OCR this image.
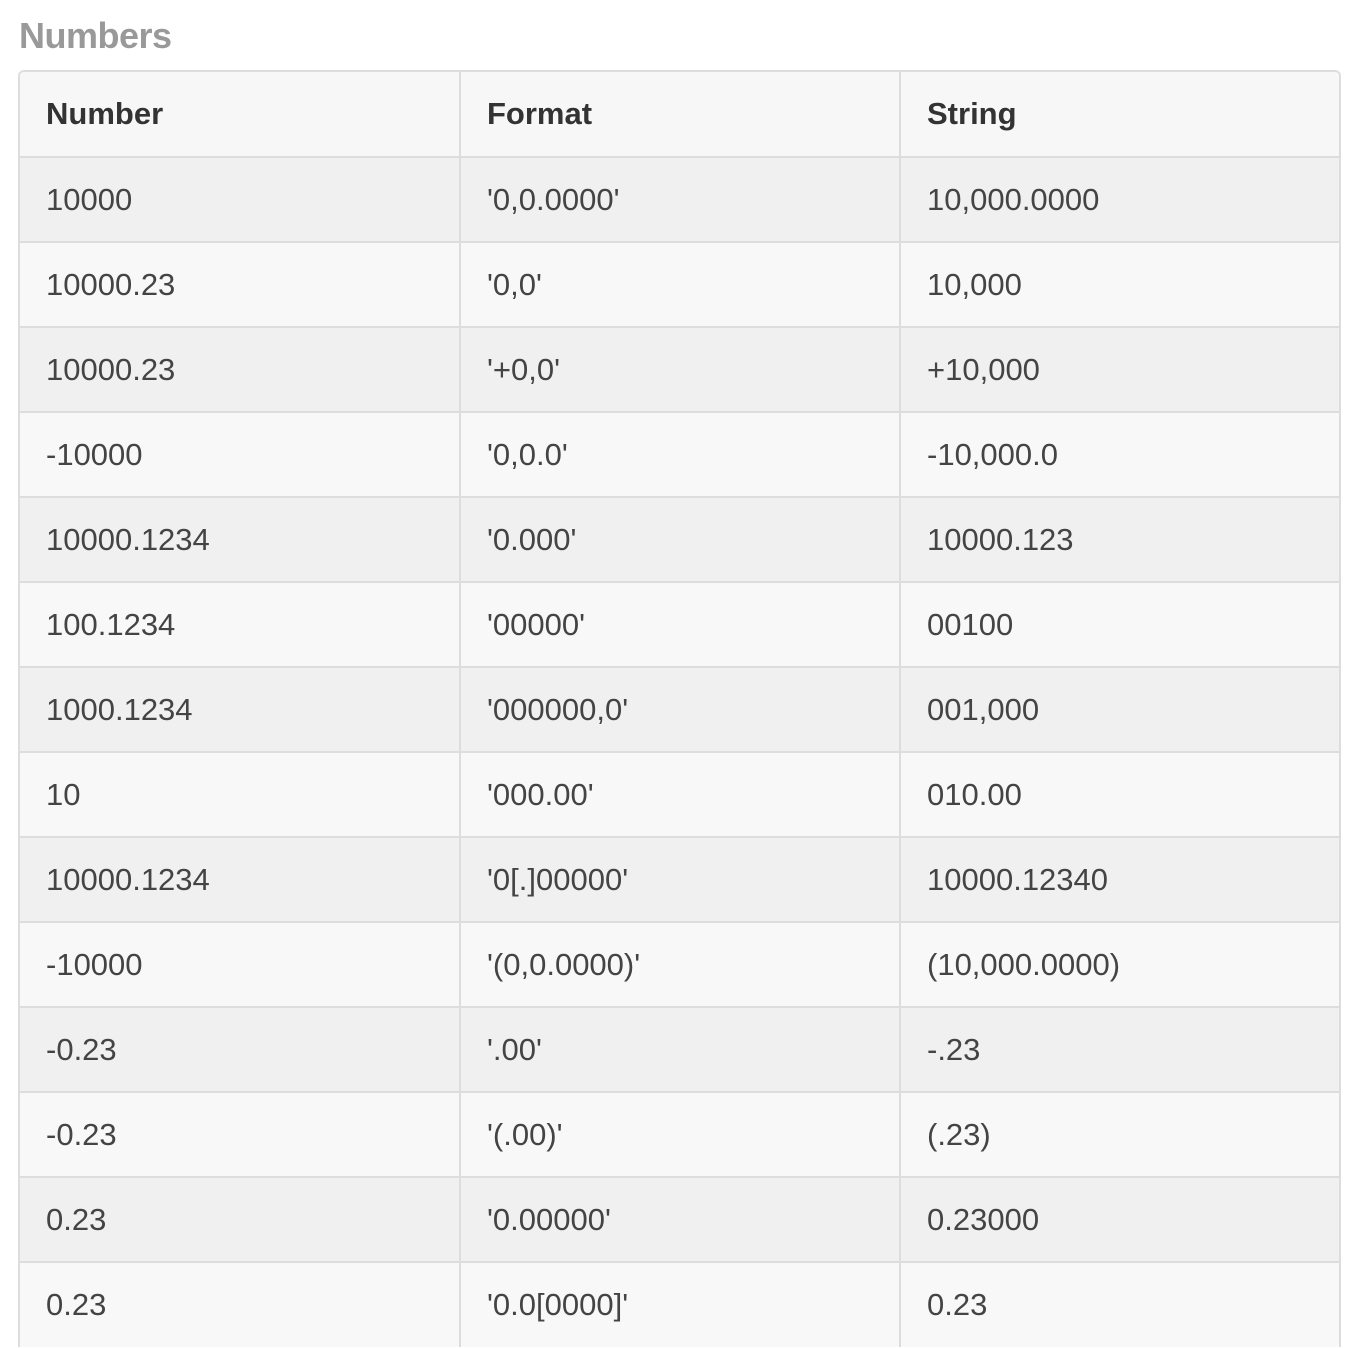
Numbers
Number	Format	String
10000	'0,0.0000'	10,000.0000
10000.23	'0,0'	10,000
10000.23	'+0,0'	+10,000
-10000	'0,0.0'	-10,000.0
10000.1234	'0.000'	10000.123
100.1234	'00000'	00100
1000.1234	'000000,0'	001,000
10	'000.00'	010.00
10000.1234	'0[.]00000'	10000.12340
-10000	'(0,0.0000)'	(10,000.0000)
-0.23	'.00'	-.23
-0.23	'(.00)'	(.23)
0.23	'0.00000'	0.23000
0.23	'0.0[0000]'	0.23
